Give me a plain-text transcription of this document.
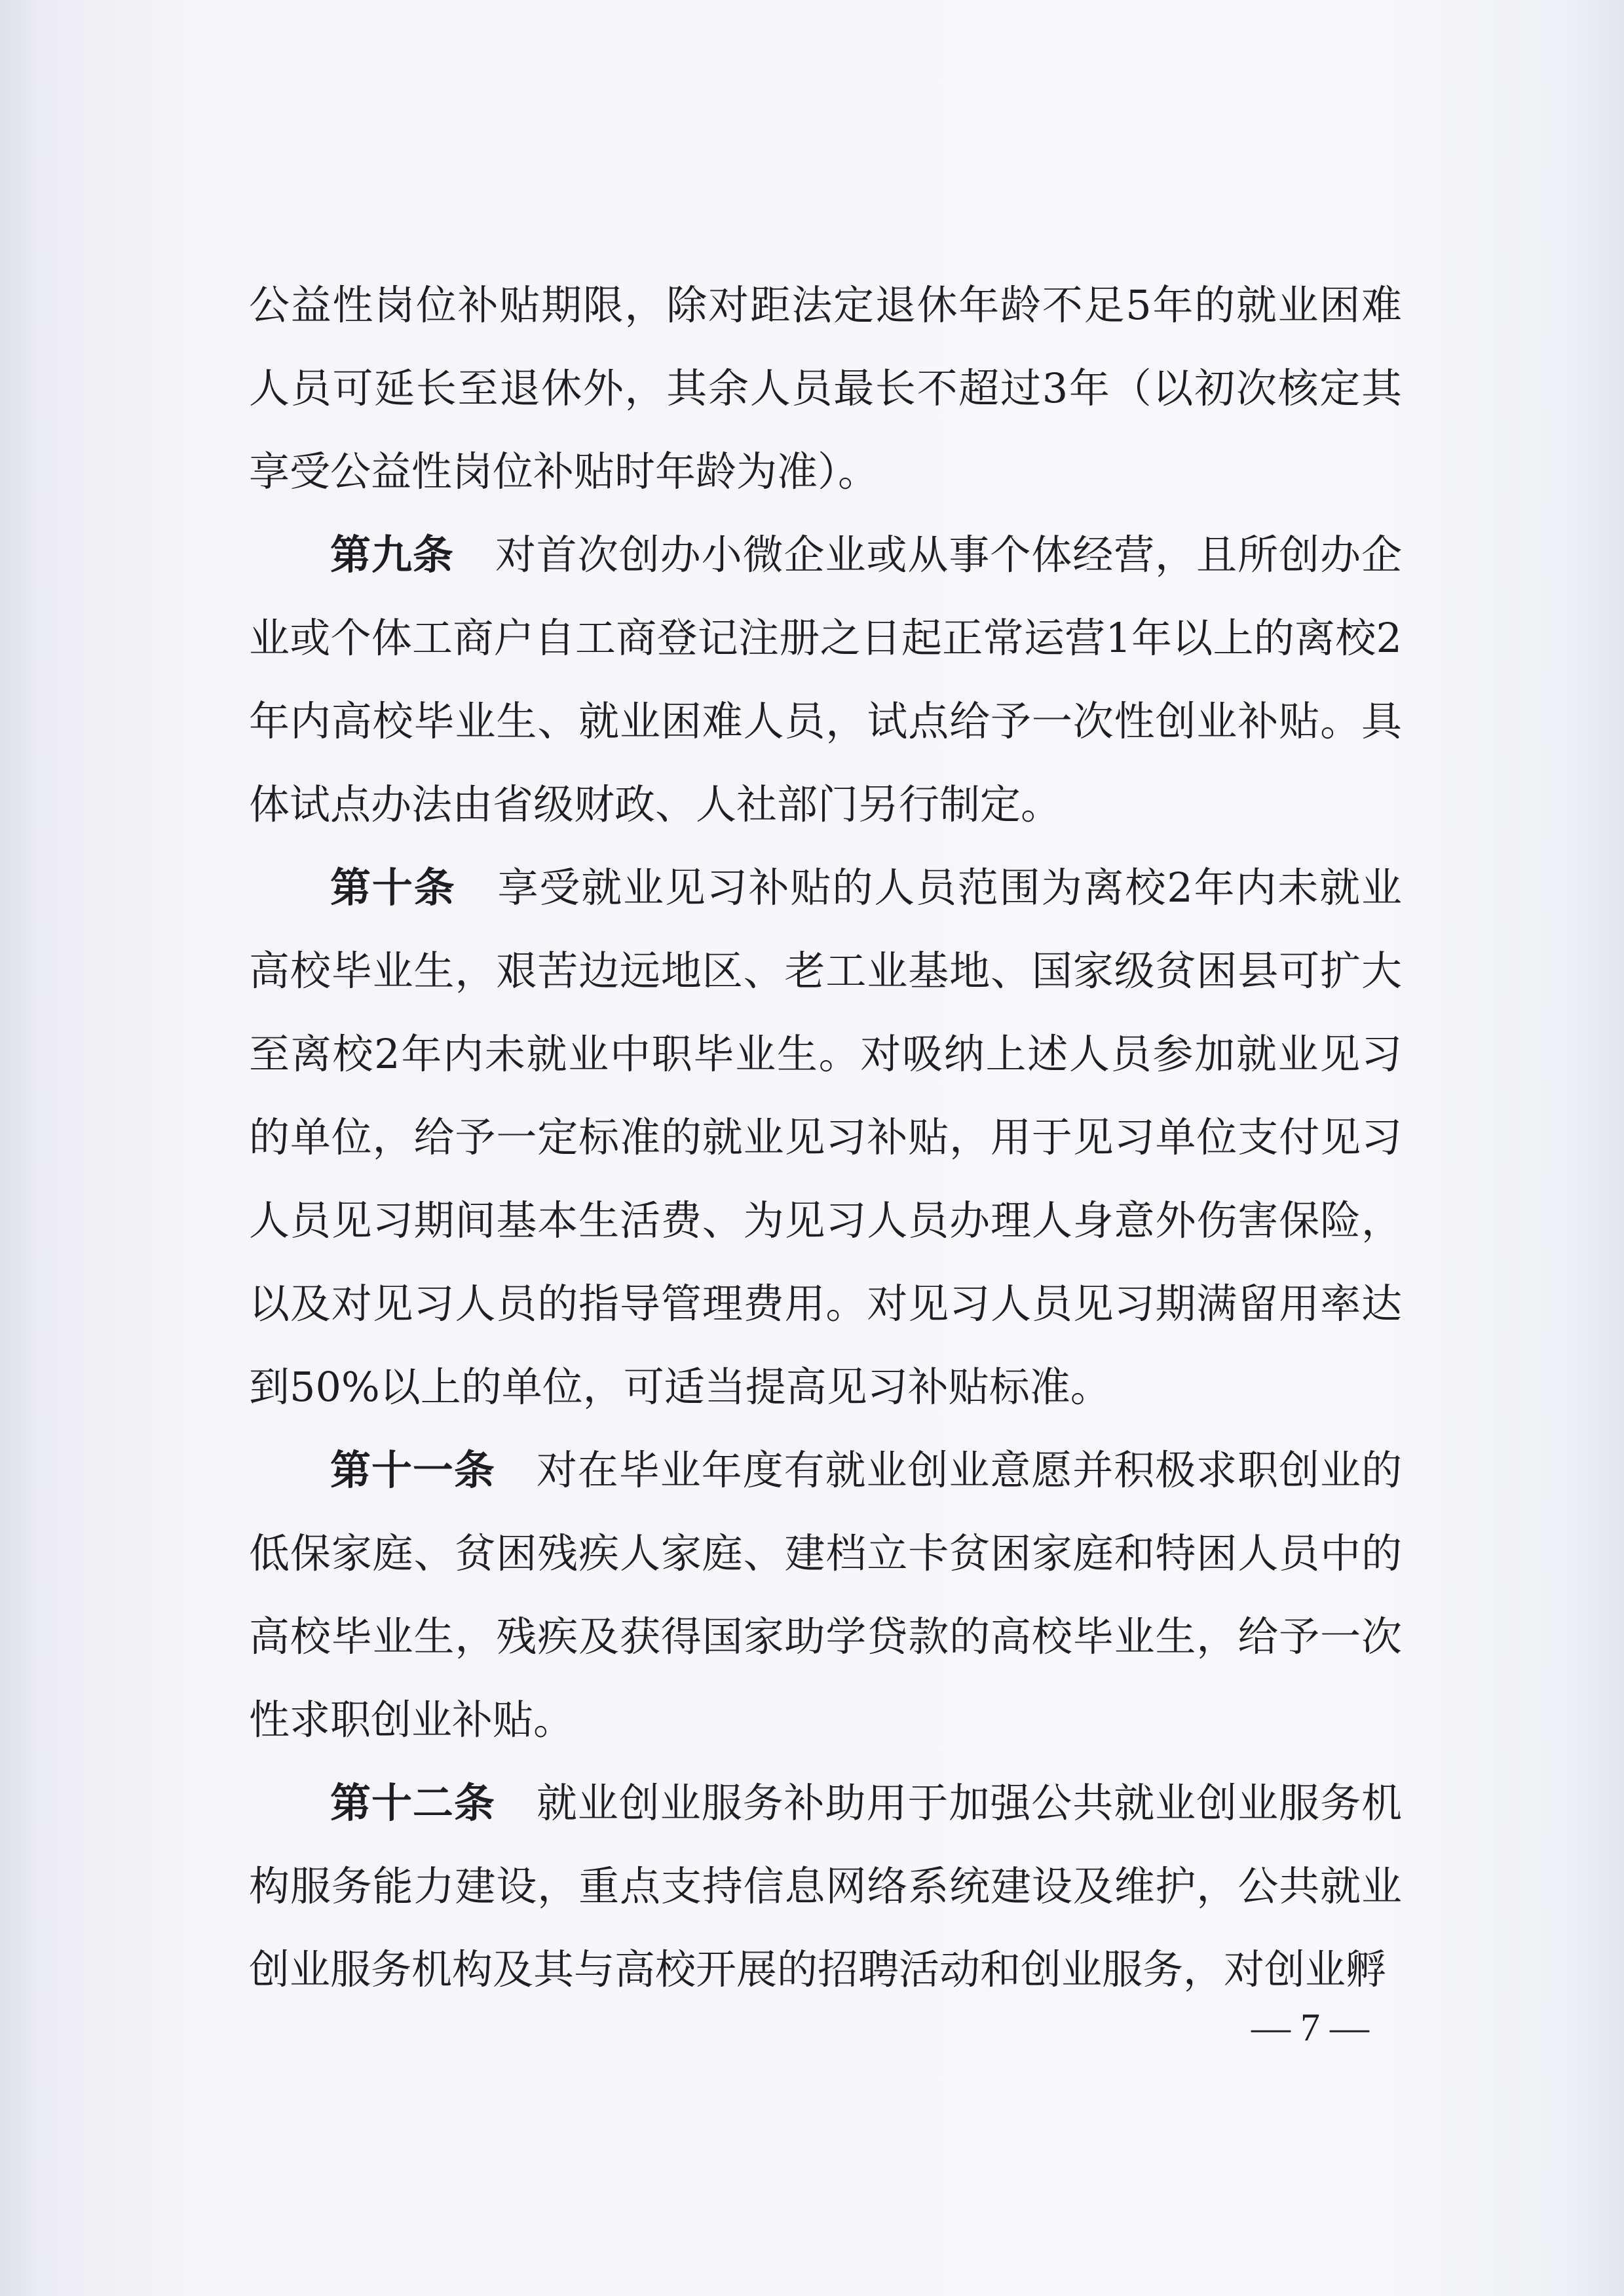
公益性岗位补贴期限，除对距法定退休年龄不足5年的就业困难人员可延长至退休外，其余人员最长不超过3年（以初次核定其享受公益性岗位补贴时年龄为准）。

第九条　 对首次创办小微企业或从事个体经营，且所创办企业或个体工商户自工商登记注册之日起正常运营1年以上的离校2年内高校毕业生、就业困难人员，试点给予一次性创业补贴。具体试点办法由省级财政、人社部门另行制定。

第十条　 享受就业见习补贴的人员范围为离校2年内未就业高校毕业生，艰苦边远地区、老工业基地、国家级贫困县可扩大至离校2年内未就业中职毕业生。对吸纳上述人员参加就业见习的单位，给予一定标准的就业见习补贴，用于见习单位支付见习人员见习期间基本生活费、为见习人员办理人身意外伤害保险，以及对见习人员的指导管理费用。对见习人员见习期满留用率达到50%以上的单位，可适当提高见习补贴标准。

第十一条　 对在毕业年度有就业创业意愿并积极求职创业的低保家庭、贫困残疾人家庭、建档立卡贫困家庭和特困人员中的高校毕业生，残疾及获得国家助学贷款的高校毕业生，给予一次性求职创业补贴。

第十二条　 就业创业服务补助用于加强公共就业创业服务机构服务能力建设，重点支持信息网络系统建设及维护，公共就业创业服务机构及其与高校开展的招聘活动和创业服务，对创业孵

— 7 —
